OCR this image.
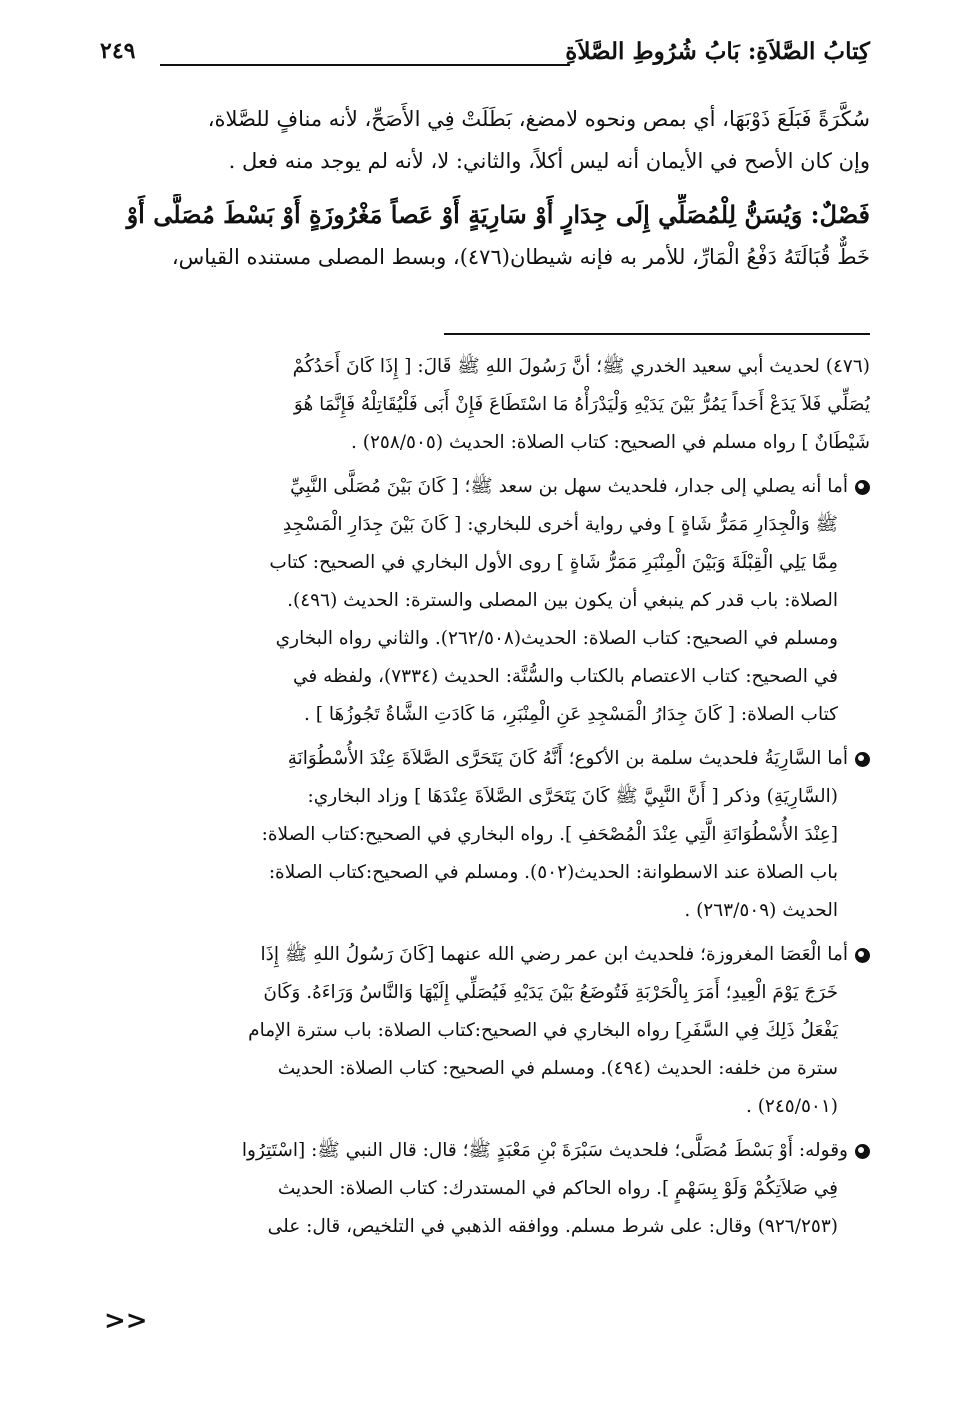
كِتابُ الصَّلاَةِ: بَابُ شُرُوطِ الصَّلاَةِ
٢٤٩
سُكَّرَةً فَبَلَعَ ذَوْبَهَا، أي بمص ونحوه لامضغ، بَطَلَتْ فِي الأَصَحِّ، لأنه منافٍ للصَّلاة،
وإن كان الأصح في الأيمان أنه ليس أكلاً، والثاني: لا، لأنه لم يوجد منه فعل .
فَصْلٌ: وَيُسَنُّ لِلْمُصَلِّي إِلَى جِدَارٍ أَوْ سَارِيَةٍ أَوْ عَصاً مَغْرُوزَةٍ أَوْ بَسْطَ مُصَلَّى أَوْ
خَطٌّ قُبَالَتَهُ دَفْعُ الْمَارِّ، للأمر به فإنه شيطان(٤٧٦)، وبسط المصلى مستنده القياس،
(٤٧٦) لحديث أبي سعيد الخدري ﷺ؛ أنَّ رَسُولَ اللهِ ﷺ قَالَ: [ إِذَا كَانَ أَحَدُكُمْ
يُصَلِّي فَلاَ يَدَعْ أَحَداً يَمُرُّ بَيْنَ يَدَيْهِ وَلْيَدْرَأْهُ مَا اسْتَطَاعَ فَإِنْ أَبَى فَلْيُقَاتِلْهُ فَإِنَّمَا هُوَ
شَيْطَانٌ ] رواه مسلم في الصحيح: كتاب الصلاة: الحديث (٢٥٨/٥٠٥) .
أما أنه يصلي إلى جدار، فلحديث سهل بن سعد ﷺ؛ [ كَانَ بَيْنَ مُصَلَّى النَّبِيِّ
ﷺ وَالْجِدَارِ مَمَرُّ شَاةٍ ] وفي رواية أخرى للبخاري: [ كَانَ بَيْنَ جِدَارِ الْمَسْجِدِ
مِمَّا يَلِي الْقِبْلَةَ وَبَيْنَ الْمِنْبَرِ مَمَرُّ شَاةٍ ] روى الأول البخاري في الصحيح: كتاب
الصلاة: باب قدر كم ينبغي أن يكون بين المصلى والسترة: الحديث (٤٩٦).
ومسلم في الصحيح: كتاب الصلاة: الحديث(٢٦٢/٥٠٨). والثاني رواه البخاري
في الصحيح: كتاب الاعتصام بالكتاب والسُّنَّة: الحديث (٧٣٣٤)، ولفظه في
كتاب الصلاة: [ كَانَ جِدَارُ الْمَسْجِدِ عَنِ الْمِنْبَرِ، مَا كَادَتِ الشَّاةُ تَجُوزُهَا ] .
أما السَّارِيَةُ فلحديث سلمة بن الأكوع؛ أَنَّهُ كَانَ يَتَحَرَّى الصَّلاَةَ عِنْدَ الأُسْطُوَانَةِ
(السَّارِيَةِ) وذكر [ أَنَّ النَّبِيَّ ﷺ كَانَ يَتَحَرَّى الصَّلاَةَ عِنْدَهَا ] وزاد البخاري:
[عِنْدَ الأُسْطُوَانَةِ الَّتِي عِنْدَ الْمُصْحَفِ ]. رواه البخاري في الصحيح:كتاب الصلاة:
باب الصلاة عند الاسطوانة: الحديث(٥٠٢). ومسلم في الصحيح:كتاب الصلاة:
الحديث (٢٦٣/٥٠٩) .
أما الْعَصَا المغروزة؛ فلحديث ابن عمر رضي الله عنهما [كَانَ رَسُولُ اللهِ ﷺ إِذَا
خَرَجَ يَوْمَ الْعِيدِ؛ أَمَرَ بِالْحَرْبَةِ فَتُوضَعُ بَيْنَ يَدَيْهِ فَيُصَلِّي إِلَيْهَا وَالنَّاسُ وَرَاءَهُ. وَكَانَ
يَفْعَلُ ذَلِكَ فِي السَّفَرِ] رواه البخاري في الصحيح:كتاب الصلاة: باب سترة الإمام
سترة من خلفه: الحديث (٤٩٤). ومسلم في الصحيح: كتاب الصلاة: الحديث
(٢٤٥/٥٠١) .
وقوله: أَوْ بَسْطَ مُصَلَّى؛ فلحديث سَبْرَةَ بْنِ مَعْبَدٍ ﷺ؛ قال: قال النبي ﷺ: [اسْتَتِرُوا
فِي صَلاَتِكُمْ وَلَوْ بِسَهْمٍ ]. رواه الحاكم في المستدرك: كتاب الصلاة: الحديث
(٩٢٦/٢٥٣) وقال: على شرط مسلم. ووافقه الذهبي في التلخيص، قال: على
>>
